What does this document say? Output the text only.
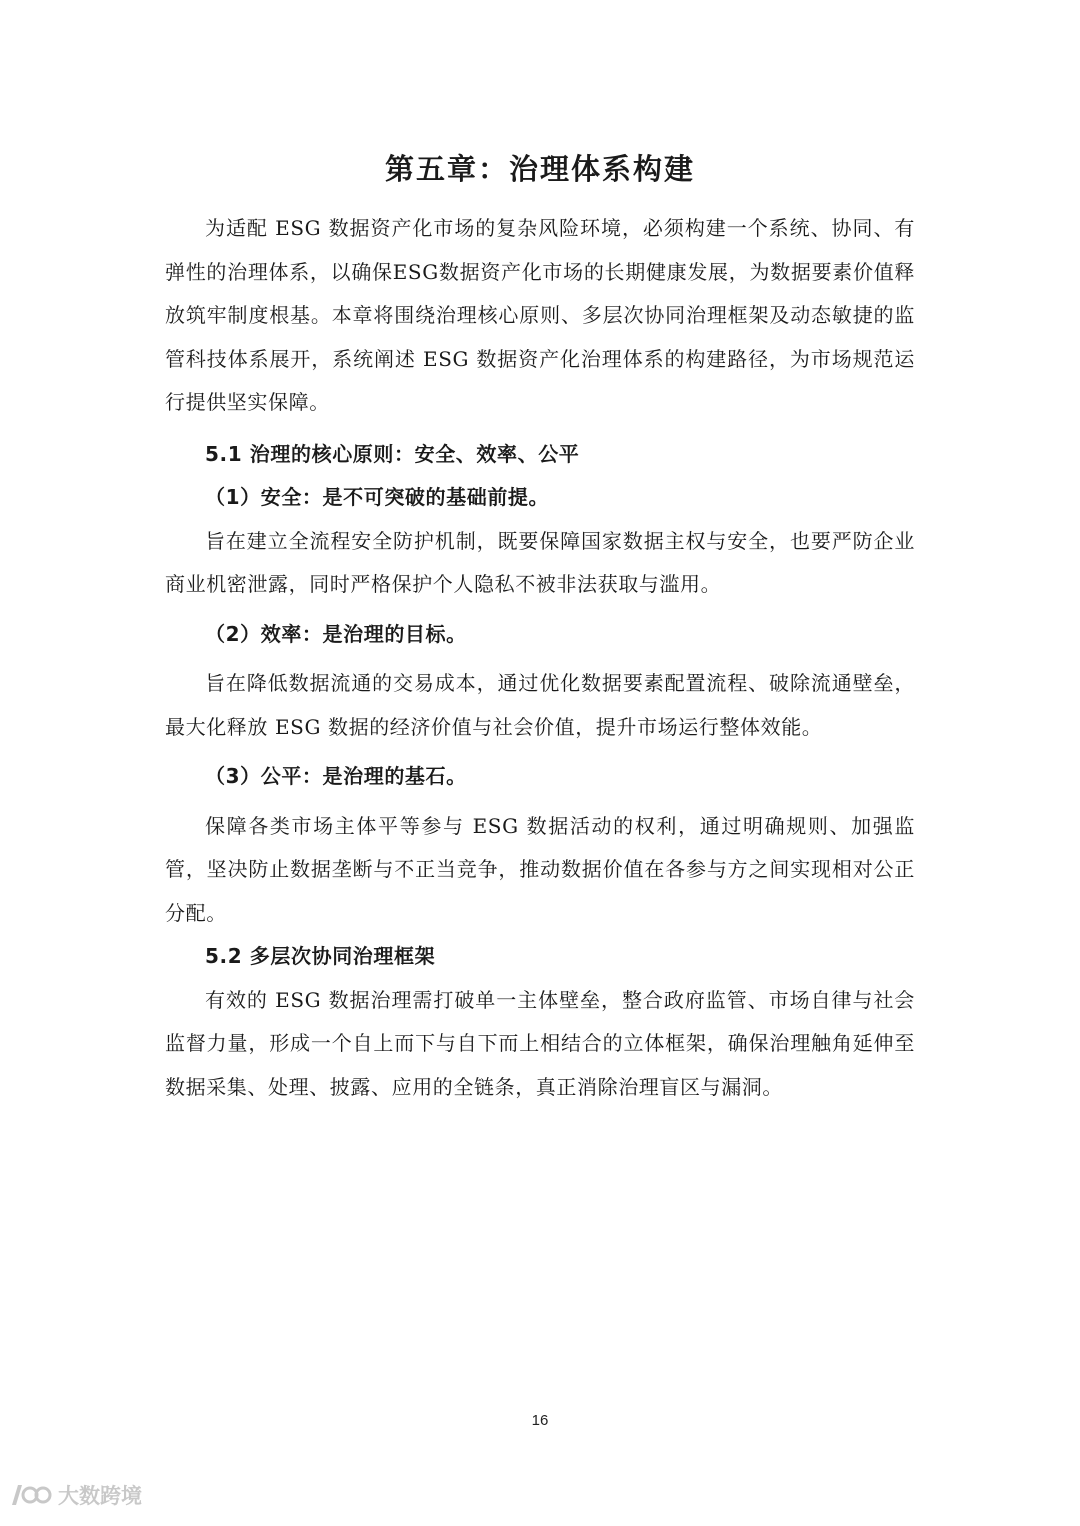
第五章：治理体系构建

为适配 ESG 数据资产化市场的复杂风险环境，必须构建一个系统、协同、有弹性的治理体系，以确保ESG数据资产化市场的长期健康发展，为数据要素价值释放筑牢制度根基。本章将围绕治理核心原则、多层次协同治理框架及动态敏捷的监管科技体系展开，系统阐述 ESG 数据资产化治理体系的构建路径，为市场规范运行提供坚实保障。

5.1 治理的核心原则：安全、效率、公平
（1）安全：是不可突破的基础前提。

旨在建立全流程安全防护机制，既要保障国家数据主权与安全，也要严防企业商业机密泄露，同时严格保护个人隐私不被非法获取与滥用。

（2）效率：是治理的目标。

旨在降低数据流通的交易成本，通过优化数据要素配置流程、破除流通壁垒，最大化释放 ESG 数据的经济价值与社会价值，提升市场运行整体效能。

（3）公平：是治理的基石。

保障各类市场主体平等参与 ESG 数据活动的权利，通过明确规则、加强监管，坚决防止数据垄断与不正当竞争，推动数据价值在各参与方之间实现相对公正分配。

5.2 多层次协同治理框架

有效的 ESG 数据治理需打破单一主体壁垒，整合政府监管、市场自律与社会监督力量，形成一个自上而下与自下而上相结合的立体框架，确保治理触角延伸至数据采集、处理、披露、应用的全链条，真正消除治理盲区与漏洞。

16
大数跨境
